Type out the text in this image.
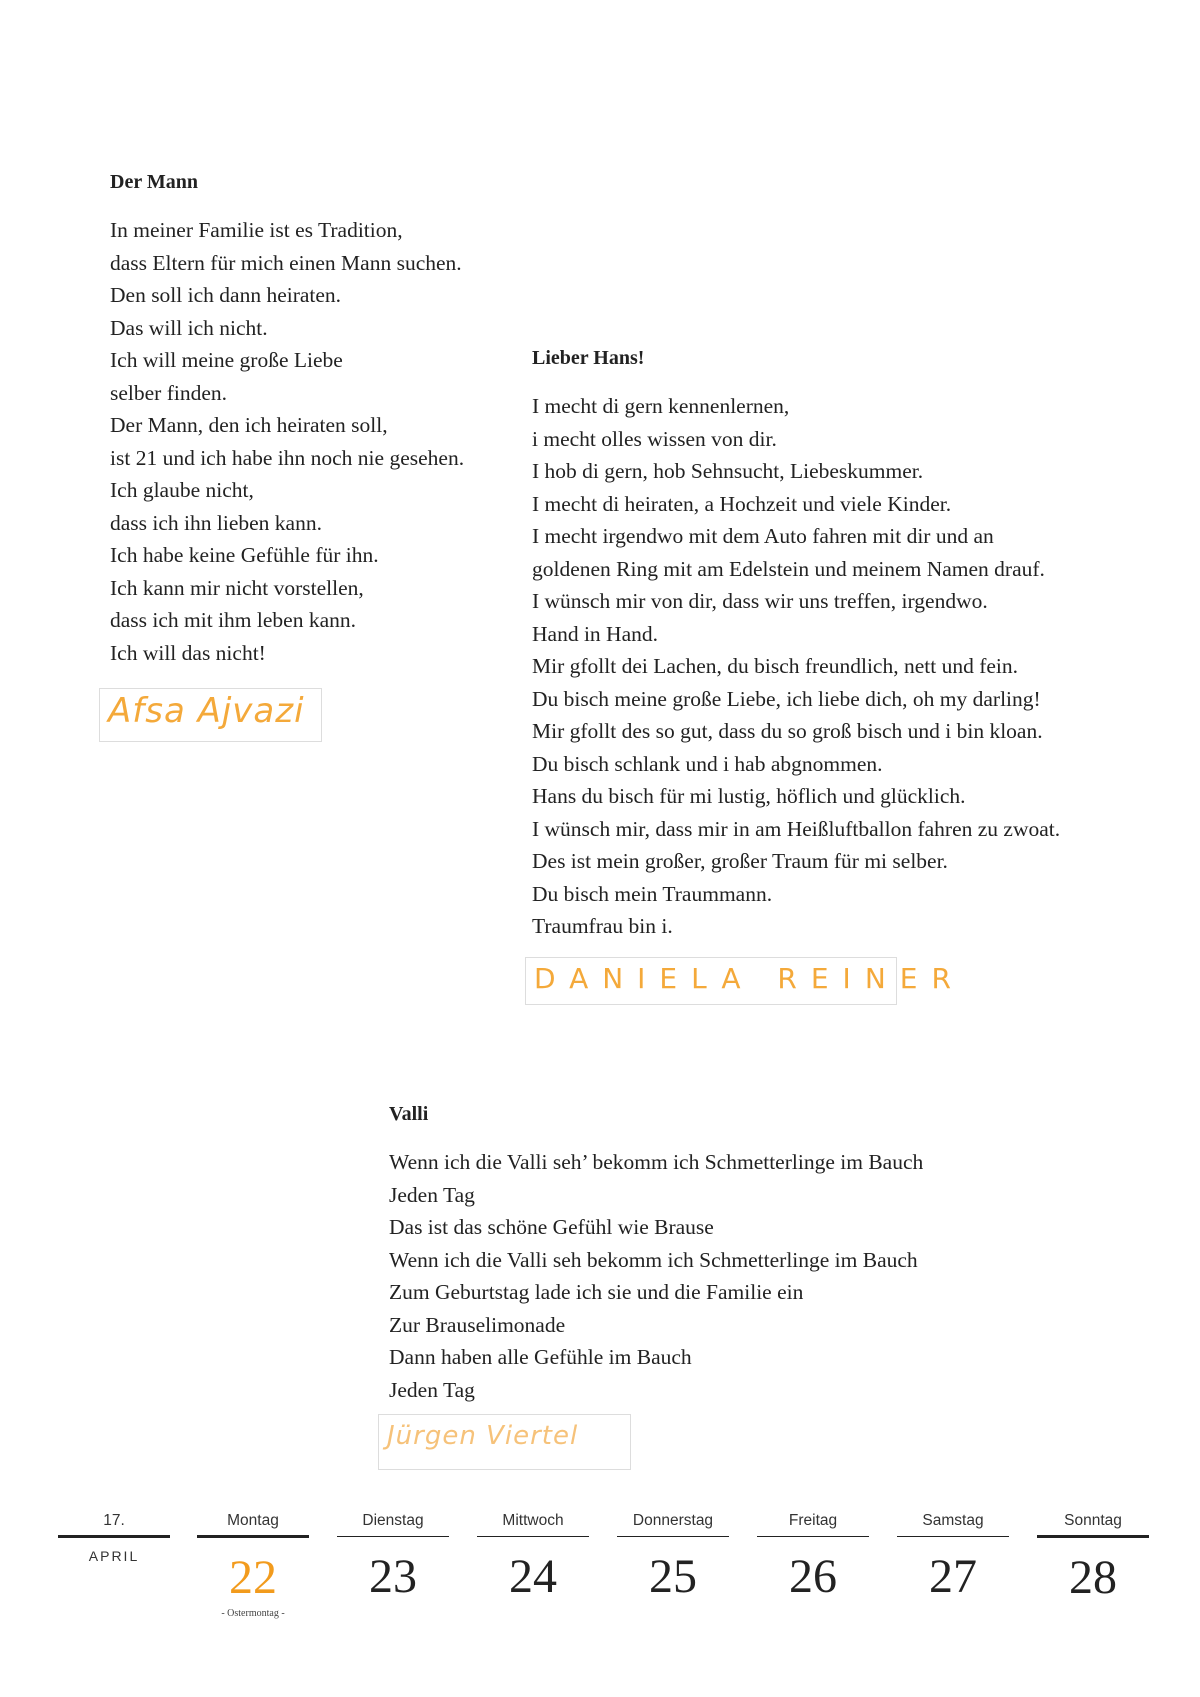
Der Mann
In meiner Familie ist es Tradition,
dass Eltern für mich einen Mann suchen.
Den soll ich dann heiraten.
Das will ich nicht.
Ich will meine große Liebe
selber finden.
Der Mann, den ich heiraten soll,
ist 21 und ich habe ihn noch nie gesehen.
Ich glaube nicht,
dass ich ihn lieben kann.
Ich habe keine Gefühle für ihn.
Ich kann mir nicht vorstellen,
dass ich mit ihm leben kann.
Ich will das nicht!
Afsa Ajvazi
Lieber Hans!
I mecht di gern kennenlernen,
i mecht olles wissen von dir.
I hob di gern, hob Sehnsucht, Liebeskummer.
I mecht di heiraten, a Hochzeit und viele Kinder.
I mecht irgendwo mit dem Auto fahren mit dir und an
goldenen Ring mit am Edelstein und meinem Namen drauf.
I wünsch mir von dir, dass wir uns treffen, irgendwo.
Hand in Hand.
Mir gfollt dei Lachen, du bisch freundlich, nett und fein.
Du bisch meine große Liebe, ich liebe dich, oh my darling!
Mir gfollt des so gut, dass du so groß bisch und i bin kloan.
Du bisch schlank und i hab abgnommen.
Hans du bisch für mi lustig, höflich und glücklich.
I wünsch mir, dass mir in am Heißluftballon fahren zu zwoat.
Des ist mein großer, großer Traum für mi selber.
Du bisch mein Traummann.
Traumfrau bin i.
DANIELA REINER
Valli
Wenn ich die Valli seh’ bekomm ich Schmetterlinge im Bauch
Jeden Tag
Das ist das schöne Gefühl wie Brause
Wenn ich die Valli seh bekomm ich Schmetterlinge im Bauch
Zum Geburtstag lade ich sie und die Familie ein
Zur Brauselimonade
Dann haben alle Gefühle im Bauch
Jeden Tag
Jürgen Viertel
17.
APRIL
Montag
22
- Ostermontag -
Dienstag
23
Mittwoch
24
Donnerstag
25
Freitag
26
Samstag
27
Sonntag
28
